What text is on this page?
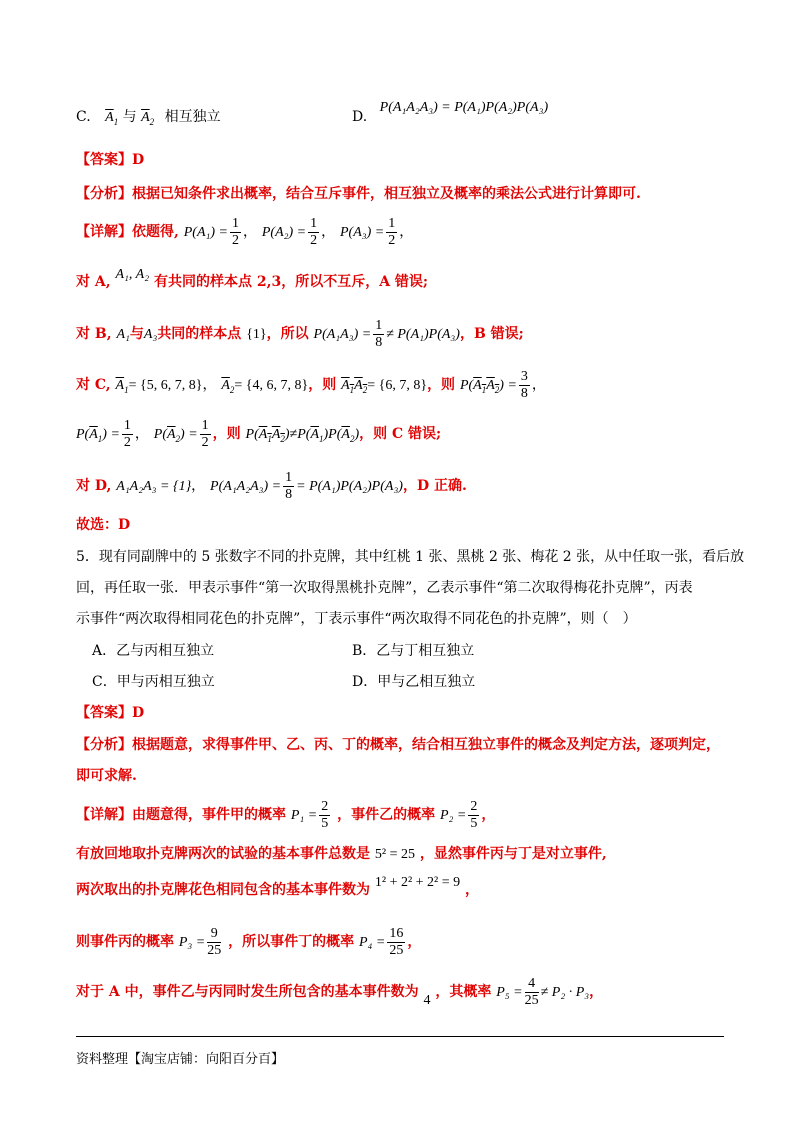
C. $\overline{A}_1$ 与 $\overline{A}_2$ 相互独立	D. P(A₁A₂A₃) = P(A₁)P(A₂)P(A₃)
【答案】D
【分析】根据已知条件求出概率，结合互斥事件，相互独立及概率的乘法公式进行计算即可.
【详解】依题得, $P(A_1) = \frac{1}{2}$ ， $P(A_2) = \frac{1}{2}$ ， $P(A_3) = \frac{1}{2}$ ，
对 A, A₁, A₂ 有共同的样本点 2,3，所以不互斥，A 错误;
对 B, A₁与A₃共同的样本点 {1}，所以 $P(A_1A_3) = \frac{1}{8} \ne P(A_1)P(A_3)$，B 错误;
对 C, $\overline{A}_1= \{5$, 6, 7, 8}， $\overline{A}_2= \{4$, 6, 7, 8}，则 $A_1A_2= \{6$, 7, 8}，则 $P(A_1A_2) = \frac{3}{8}$ ，
$P(\overline{A}_1) = \frac{1}{2}$ ， $P(\overline{A}_2) = \frac{1}{2}$ ，则 $P(A_1A_2)\ne P(\overline{A}_1)P(\overline{A}_2)$，则 C 错误;
对 D, A₁A₂A₃ = {1}， $P(A_1A_2A_3) = \frac{1}{8} = P(A_1)P(A_2)P(A_3)$，D 正确.
故选：D
5．现有同副牌中的 5 张数字不同的扑克牌，其中红桃 1 张、黑桃 2 张、梅花 2 张，从中任取一张，看后放
回，再任取一张．甲表示事件“第一次取得黑桃扑克牌”，乙表示事件“第二次取得梅花扑克牌”，丙表
示事件“两次取得相同花色的扑克牌”，丁表示事件“两次取得不同花色的扑克牌”，则（　）
A．乙与丙相互独立	B．乙与丁相互独立
C．甲与丙相互独立	D．甲与乙相互独立
【答案】D
【分析】根据题意，求得事件甲、乙、丙、丁的概率，结合相互独立事件的概念及判定方法，逐项判定，
即可求解.
【详解】由题意得，事件甲的概率 $P_1 = \frac{2}{5}$ ，事件乙的概率 $P_2 = \frac{2}{5}$ ，
有放回地取扑克牌两次的试验的基本事件总数是 5² = 25 ，显然事件丙与丁是对立事件,
两次取出的扑克牌花色相同包含的基本事件数为 1² + 2² + 2² = 9 ，
则事件丙的概率 $P_3 = \frac{9}{25}$ ，所以事件丁的概率 $P_4 = \frac{16}{25}$ ，
对于 A 中，事件乙与丙同时发生所包含的基本事件数为 4 ，其概率 $P_5 = \frac{4}{25} \ne P_2 \cdot P_3$，
资料整理【淘宝店铺：向阳百分百】
